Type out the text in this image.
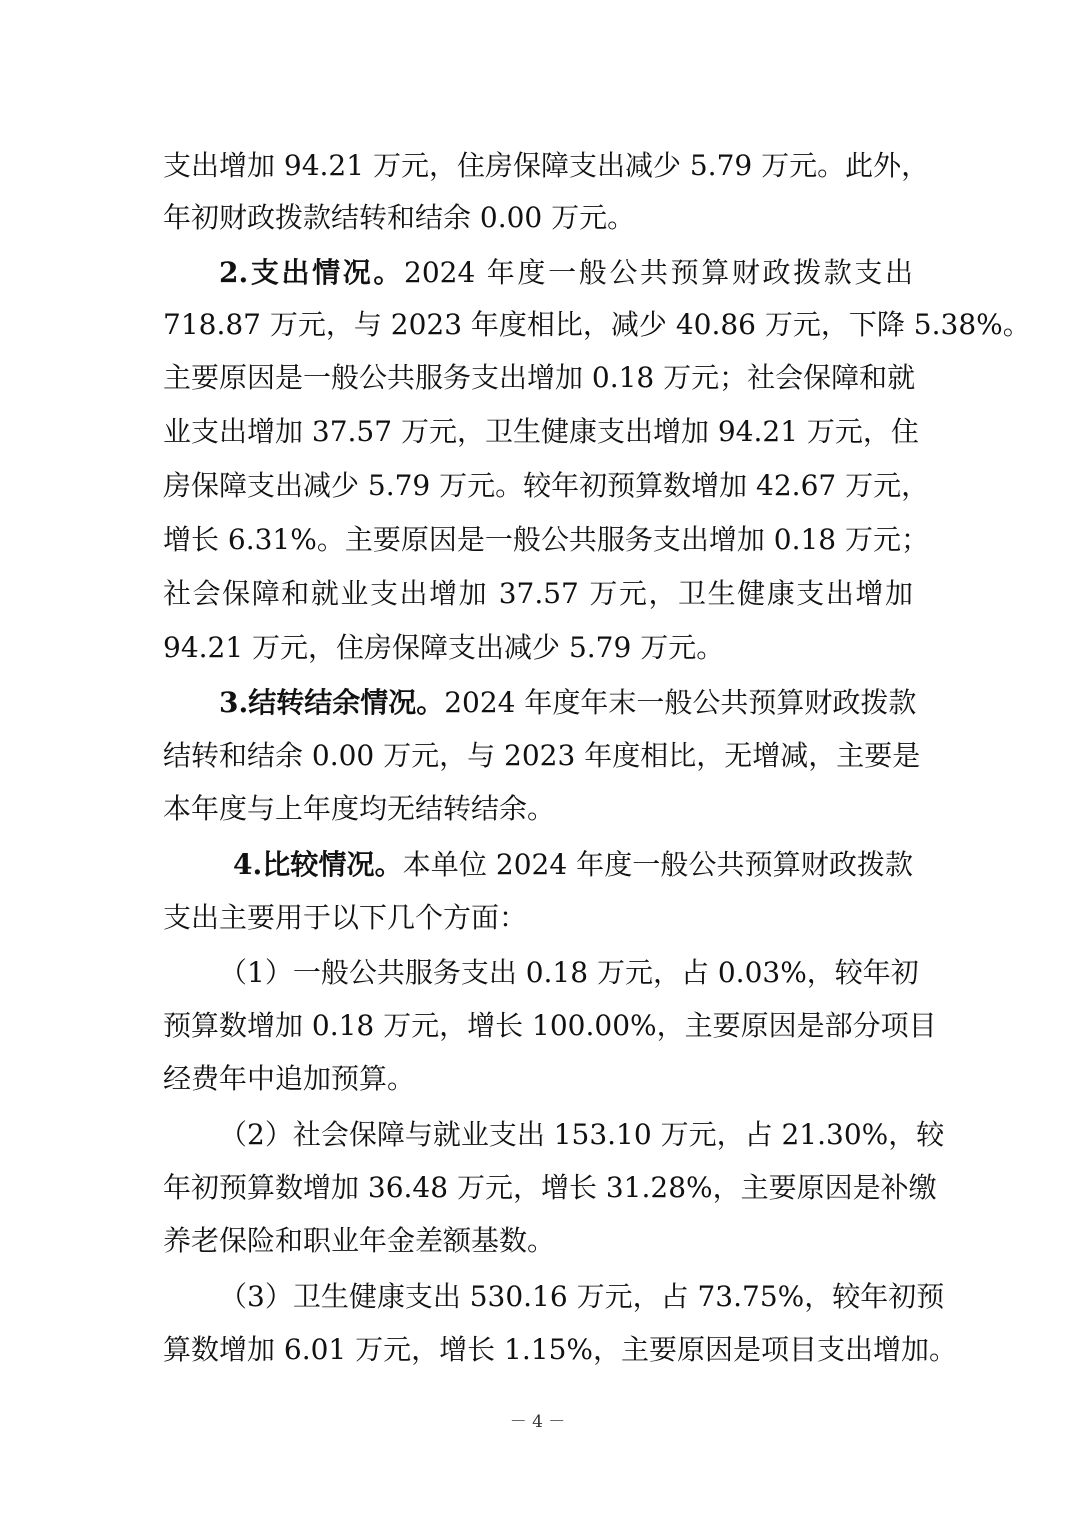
支出增加 94.21 万元，住房保障支出减少 5.79 万元。此外，
年初财政拨款结转和结余 0.00 万元。
2.支出情况。2024 年度一般公共预算财政拨款支出
718.87 万元，与 2023 年度相比，减少 40.86 万元，下降 5.38%。
主要原因是一般公共服务支出增加 0.18 万元；社会保障和就
业支出增加 37.57 万元，卫生健康支出增加 94.21 万元，住
房保障支出减少 5.79 万元。较年初预算数增加 42.67 万元，
增长 6.31%。主要原因是一般公共服务支出增加 0.18 万元；
社会保障和就业支出增加 37.57 万元，卫生健康支出增加
94.21 万元，住房保障支出减少 5.79 万元。
3.结转结余情况。2024 年度年末一般公共预算财政拨款
结转和结余 0.00 万元，与 2023 年度相比，无增减，主要是
本年度与上年度均无结转结余。
4.比较情况。本单位 2024 年度一般公共预算财政拨款
支出主要用于以下几个方面：
（1）一般公共服务支出 0.18 万元，占 0.03%，较年初
预算数增加 0.18 万元，增长 100.00%，主要原因是部分项目
经费年中追加预算。
（2）社会保障与就业支出 153.10 万元，占 21.30%，较
年初预算数增加 36.48 万元，增长 31.28%，主要原因是补缴
养老保险和职业年金差额基数。
（3）卫生健康支出 530.16 万元，占 73.75%，较年初预
算数增加 6.01 万元，增长 1.15%，主要原因是项目支出增加。
－ 4 －
